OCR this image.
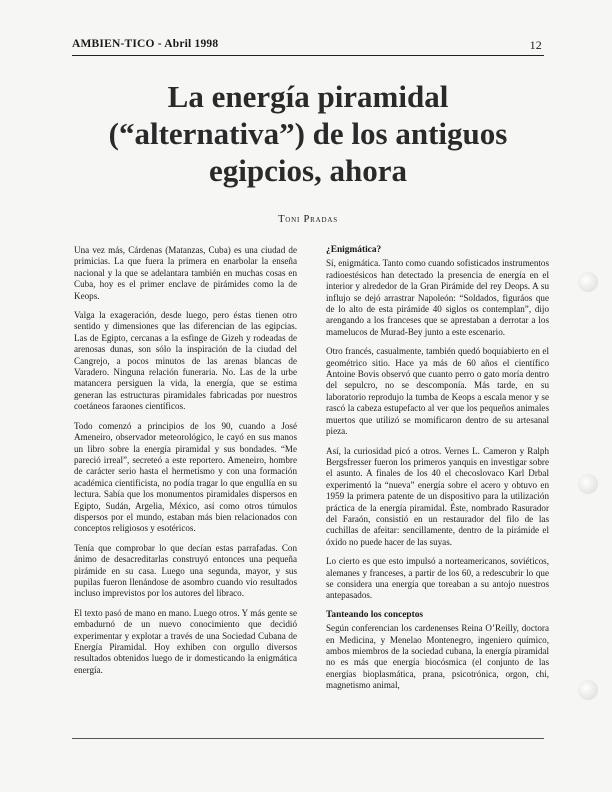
AMBIEN-TICO - Abril 1998	12
La energía piramidal
(“alternativa”) de los antiguos
egipcios, ahora
Toni Pradas

Una vez más, Cárdenas (Matanzas, Cuba) es una ciudad de primicias. La que fuera la primera en enarbolar la enseña nacional y la que se adelantara también en muchas cosas en Cuba, hoy es el primer enclave de pirámides como la de Keops.

Valga la exageración, desde luego, pero éstas tienen otro sentido y dimensiones que las diferencian de las egipcias. Las de Egipto, cercanas a la esfinge de Gizeh y rodeadas de arenosas dunas, son sólo la inspiración de la ciudad del Cangrejo, a pocos minutos de las arenas blancas de Varadero. Ninguna relación funeraria. No. Las de la urbe matancera persiguen la vida, la energía, que se estima generan las estructuras piramidales fabricadas por nuestros coetáneos faraones científicos.

Todo comenzó a principios de los 90, cuando a José Ameneiro, observador meteorológico, le cayó en sus manos un libro sobre la energía piramidal y sus bondades. “Me pareció irreal”, secreteó a este reportero. Ameneiro, hombre de carácter serio hasta el hermetismo y con una formación académica cientificista, no podía tragar lo que engullía en su lectura. Sabía que los monumentos piramidales dispersos en Egipto, Sudán, Argelia, México, así como otros túmulos dispersos por el mundo, estaban más bien relacionados con conceptos religiosos y esotéricos.

Tenía que comprobar lo que decían estas parrafadas. Con ánimo de desacreditarlas construyó entonces una pequeña pirámide en su casa. Luego una segunda, mayor, y sus pupilas fueron llenándose de asombro cuando vio resultados incluso imprevistos por los autores del libraco.

El texto pasó de mano en mano. Luego otros. Y más gente se embadurnó de un nuevo conocimiento que decidió experimentar y explotar a través de una Sociedad Cubana de Energía Piramidal. Hoy exhiben con orgullo diversos resultados obtenidos luego de ir domesticando la enigmática energía.

¿Enigmática?

Sí, enigmática. Tanto como cuando sofisticados instrumentos radioestésicos han detectado la presencia de energía en el interior y alrededor de la Gran Pirámide del rey Deops. A su influjo se dejó arrastrar Napoleón: “Soldados, figuráos que de lo alto de esta pirámide 40 siglos os contemplan”, dijo arengando a los franceses que se aprestaban a derrotar a los mamelucos de Murad-Bey junto a este escenario.

Otro francés, casualmente, también quedó boquiabierto en el geométrico sitio. Hace ya más de 60 años el científico Antoine Bovis observó que cuanto perro o gato moría dentro del sepulcro, no se descomponía. Más tarde, en su laboratorio reprodujo la tumba de Keops a escala menor y se rascó la cabeza estupefacto al ver que los pequeños animales muertos que utilizó se momificaron dentro de su artesanal pieza.

Así, la curiosidad picó a otros. Vernes L. Cameron y Ralph Bergsfresser fueron los primeros yanquis en investigar sobre el asunto. A finales de los 40 el checoslovaco Karl Drbal experimentó la “nueva” energía sobre el acero y obtuvo en 1959 la primera patente de un dispositivo para la utilización práctica de la energía piramidal. Éste, nombrado Rasurador del Faraón, consistió en un restaurador del filo de las cuchillas de afeitar: sencillamente, dentro de la pirámide el óxido no puede hacer de las suyas.

Lo cierto es que esto impulsó a norteamericanos, soviéticos, alemanes y franceses, a partir de los 60, a redescubrir lo que se considera una energía que toreaban a su antojo nuestros antepasados.

Tanteando los conceptos

Según conferencian los cardenenses Reina O’Reilly, doctora en Medicina, y Menelao Montenegro, ingeniero químico, ambos miembros de la sociedad cubana, la energía piramidal no es más que energía biocósmica (el conjunto de las energías bioplasmática, prana, psicotrónica, orgon, chi, magnetismo animal,
